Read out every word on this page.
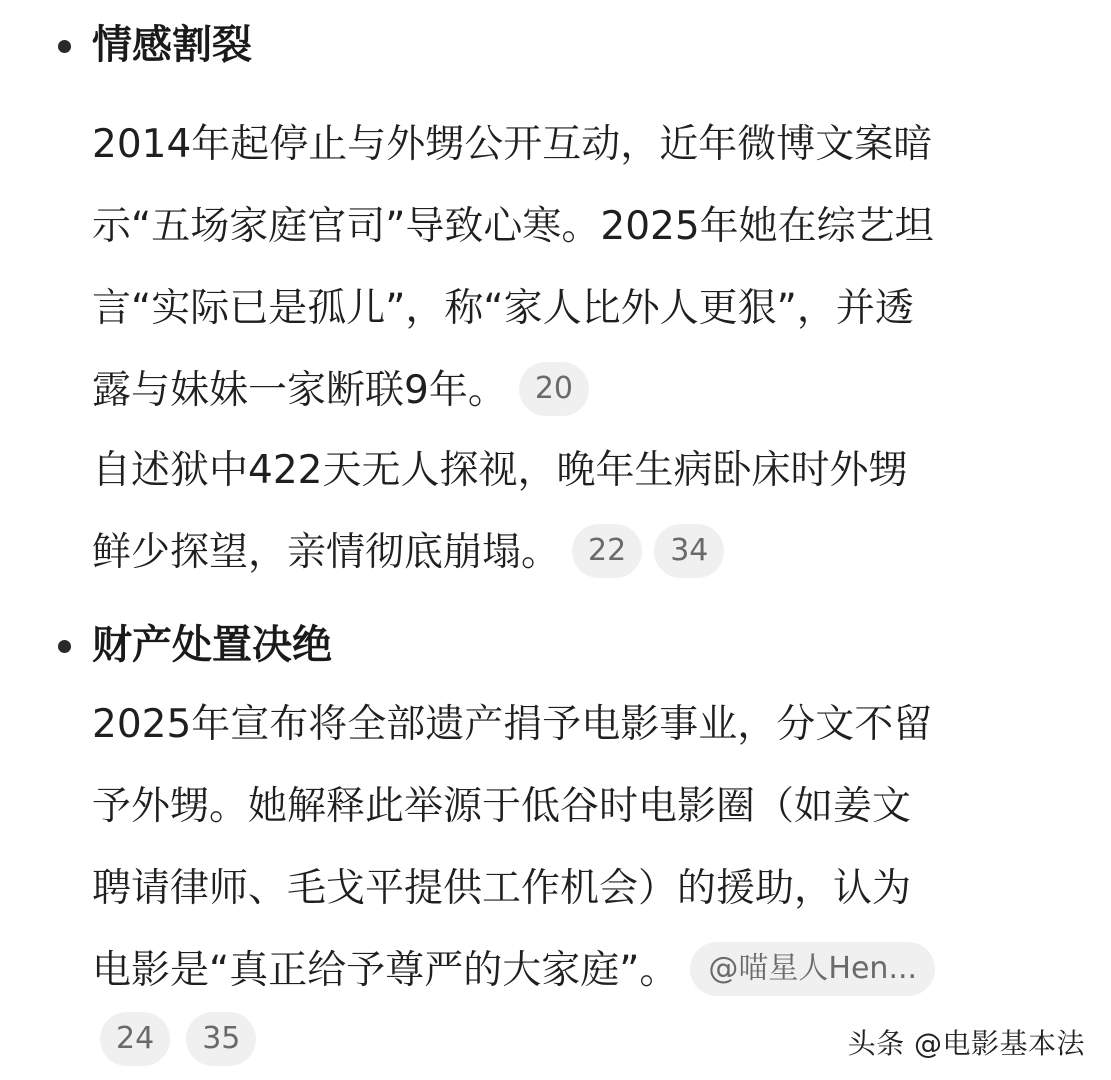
情感割裂
2014年起停止与外甥公开互动，近年微博文案暗
示“五场家庭官司”导致心寒。2025年她在综艺坦
言“实际已是孤儿”，称“家人比外人更狠”，并透
露与妹妹一家断联9年。 20
自述狱中422天无人探视，晚年生病卧床时外甥
鲜少探望，亲情彻底崩塌。 22 34
财产处置决绝
2025年宣布将全部遗产捐予电影事业，分文不留
予外甥。她解释此举源于低谷时电影圈（如姜文
聘请律师、毛戈平提供工作机会）的援助，认为
电影是“真正给予尊严的大家庭”。 @喵星人Hen...
24 35	头条 @电影基本法
